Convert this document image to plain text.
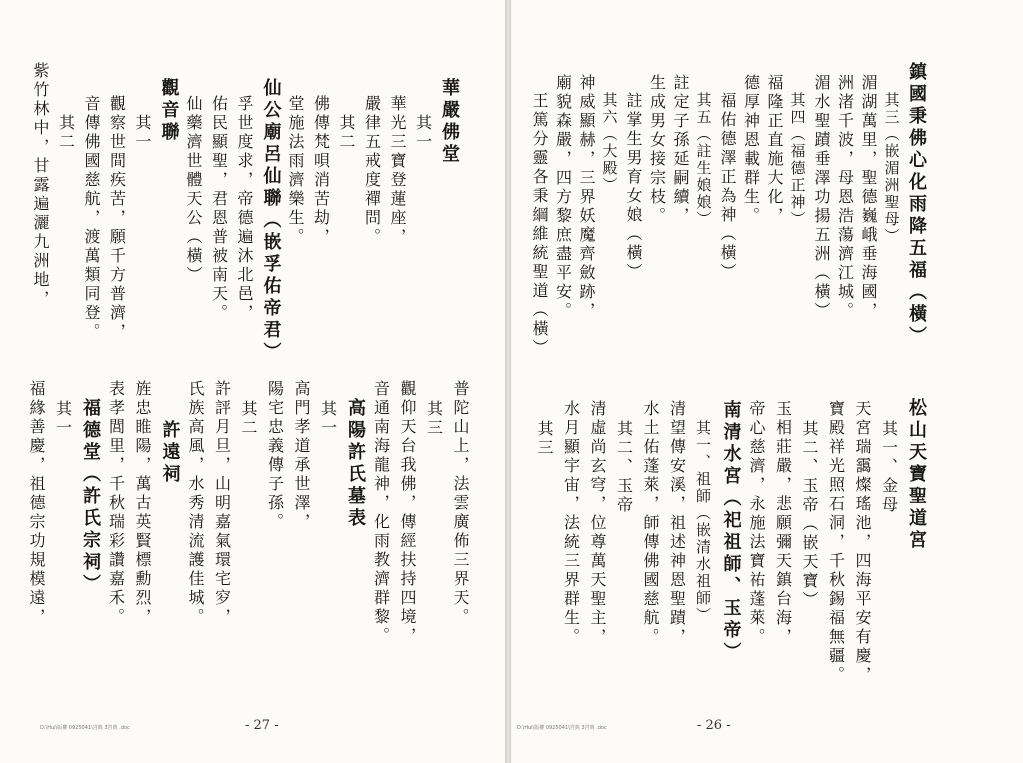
華嚴佛堂
其一
華光三寶登蓮座，
嚴律五戒度禪問。
其二
佛傳梵唄消苦劫，
堂施法雨濟樂生。
仙公廟呂仙聯（嵌孚佑帝君）
孚世度求，帝德遍沐北邑，
佑民顯聖，君恩普被南天。
仙藥濟世體天公（橫）
觀音聯
其一
觀察世間疾苦，願千方普濟，
音傳佛國慈航，渡萬類同登。
其二
紫竹林中，甘露遍灑九洲地，
普陀山上，法雲廣佈三界天。
其三
觀仰天台我佛，傳經扶持四境，
音通南海龍神，化雨教濟群黎。
高陽許氏墓表
其一
高門孝道承世澤，
陽宅忠義傳子孫。
其二
許評月旦，山明嘉氣環宅穸，
氏族高風，水秀清流護佳城。
許遠祠
旌忠睢陽，萬古英賢標勳烈，
表孝閭里，千秋瑞彩讚嘉禾。
福德堂（許氏宗祠）
其一
福緣善慶，祖德宗功規模遠，
D:\Hui\版權 0925041\宮典 3宮典 .doc	- 27 -
鎮國秉佛心化雨降五福（橫）
其三（嵌湄洲聖母）
湄湖萬里，聖德巍峨垂海國，
洲渚千波，母恩浩蕩濟江城。
湄水聖蹟垂澤功揚五洲（橫）
其四（福德正神）
福隆正直施大化，
德厚神恩載群生。
福佑德澤正為神（橫）
其五（註生娘娘）
註定子孫延嗣續，
生成男女接宗枝。
註掌生男育女娘（橫）
其六（大殿）
神威顯赫，三界妖魔齊斂跡，
廟貌森嚴，四方黎庶盡平安。
王篤分靈各秉綱維統聖道（橫）
松山天寶聖道宮
其一、金母
天宮瑞靄燦瑤池，四海平安有慶，
寶殿祥光照石洞，千秋錫福無疆。
其二、玉帝（嵌天寶）
玉相莊嚴，悲願彌天鎮台海，
帝心慈濟，永施法寶祐蓬萊。
南清水宮（祀祖師、玉帝）
其一、祖師（嵌清水祖師）
清望傳安溪，祖述神恩聖蹟，
水土佑蓬萊，師傳佛國慈航。
其二、玉帝
清虛尚玄穹，位尊萬天聖主，
水月顯宇宙，法統三界群生。
其三
D:\Hui\版權 0925041\宮典 3宮典 .doc	- 26 -
